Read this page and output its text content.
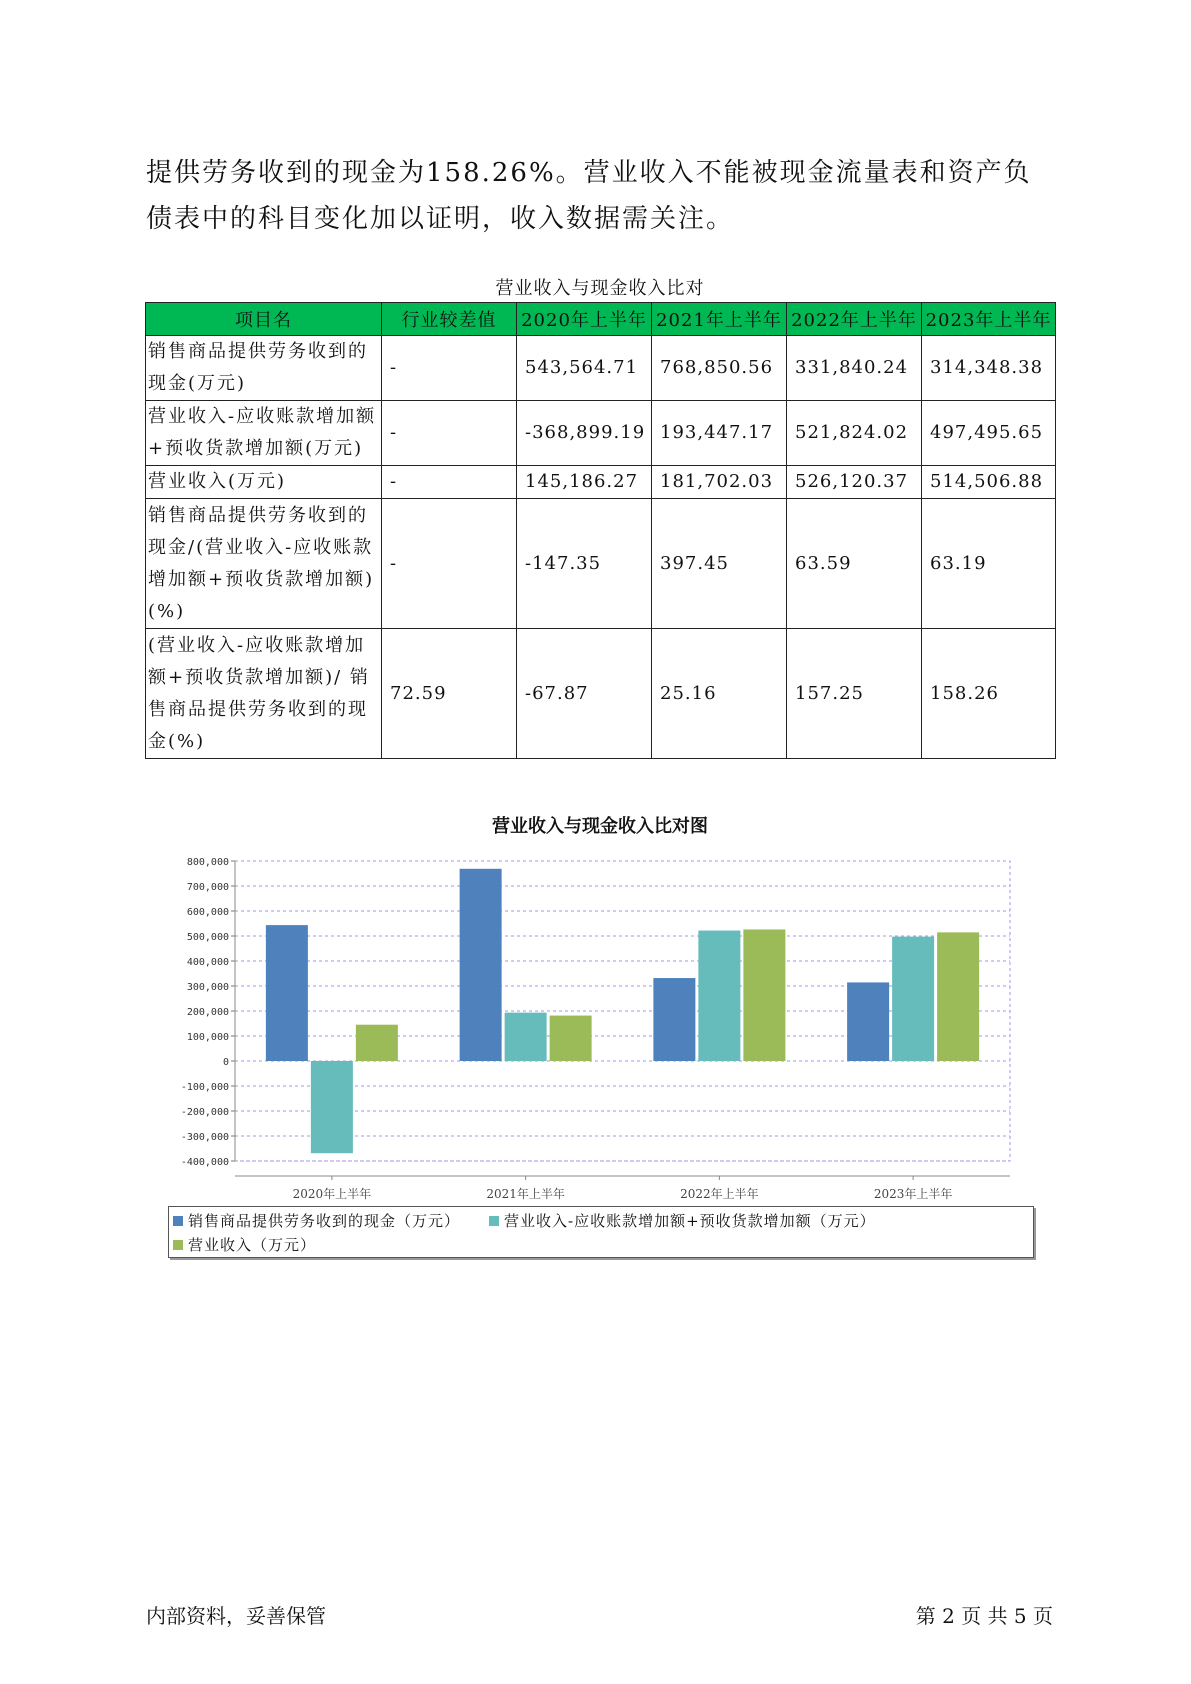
提供劳务收到的现金为158.26%。营业收入不能被现金流量表和资产负债表中的科目变化加以证明，收入数据需关注。

营业收入与现金收入比对
项目名	行业较差值	2020年上半年	2021年上半年	2022年上半年	2023年上半年
销售商品提供劳务收到的现金(万元)	-	543,564.71	768,850.56	331,840.24	314,348.38
营业收入-应收账款增加额+预收货款增加额(万元)	-	-368,899.19	193,447.17	521,824.02	497,495.65
营业收入(万元)	-	145,186.27	181,702.03	526,120.37	514,506.88
销售商品提供劳务收到的现金/(营业收入-应收账款增加额+预收货款增加额)(%)	-	-147.35	397.45	63.59	63.19
(营业收入-应收账款增加额+预收货款增加额)/ 销售商品提供劳务收到的现金(%)	72.59	-67.87	25.16	157.25	158.26
营业收入与现金收入比对图
800,000
700,000
600,000
500,000
400,000
300,000
200,000
100,000
0
-100,000
-200,000
-300,000
-400,000
2020年上半年	2021年上半年	2022年上半年	2023年上半年
销售商品提供劳务收到的现金（万元）	营业收入-应收账款增加额+预收货款增加额（万元）
营业收入（万元）
内部资料，妥善保管	第 2 页 共 5 页
